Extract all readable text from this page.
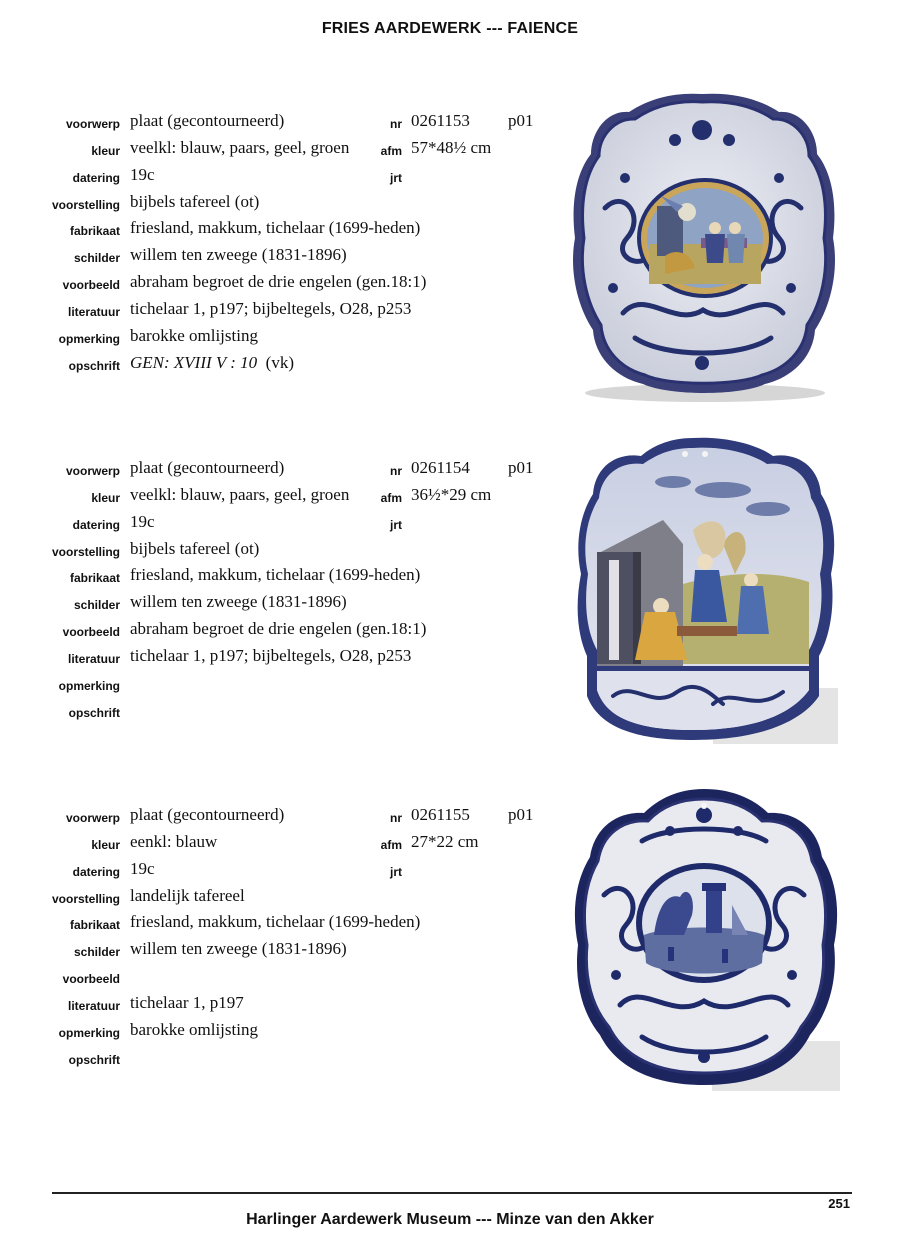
FRIES AARDEWERK --- FAIENCE
voorwerp plaat (gecontourneerd)	nr 0261153 p01
kleur veelkl: blauw, paars, geel, groen	afm 57*48½ cm
datering 19c	jrt
voorstelling bijbels tafereel (ot)
fabrikaat friesland, makkum, tichelaar (1699-heden)
schilder willem ten zweege (1831-1896)
voorbeeld abraham begroet de drie engelen (gen.18:1)
literatuur tichelaar 1, p197; bijbeltegels, O28, p253
opmerking barokke omlijsting
opschrift GEN: XVIII V : 10 (vk)
voorwerp plaat (gecontourneerd)	nr 0261154 p01
kleur veelkl: blauw, paars, geel, groen	afm 36½*29 cm
datering 19c	jrt
voorstelling bijbels tafereel (ot)
fabrikaat friesland, makkum, tichelaar (1699-heden)
schilder willem ten zweege (1831-1896)
voorbeeld abraham begroet de drie engelen (gen.18:1)
literatuur tichelaar 1, p197; bijbeltegels, O28, p253
opmerking
opschrift
voorwerp plaat (gecontourneerd)	nr 0261155 p01
kleur eenkl: blauw	afm 27*22 cm
datering 19c	jrt
voorstelling landelijk tafereel
fabrikaat friesland, makkum, tichelaar (1699-heden)
schilder willem ten zweege (1831-1896)
voorbeeld
literatuur tichelaar 1, p197
opmerking barokke omlijsting
opschrift
251
Harlinger Aardewerk Museum --- Minze van den Akker
